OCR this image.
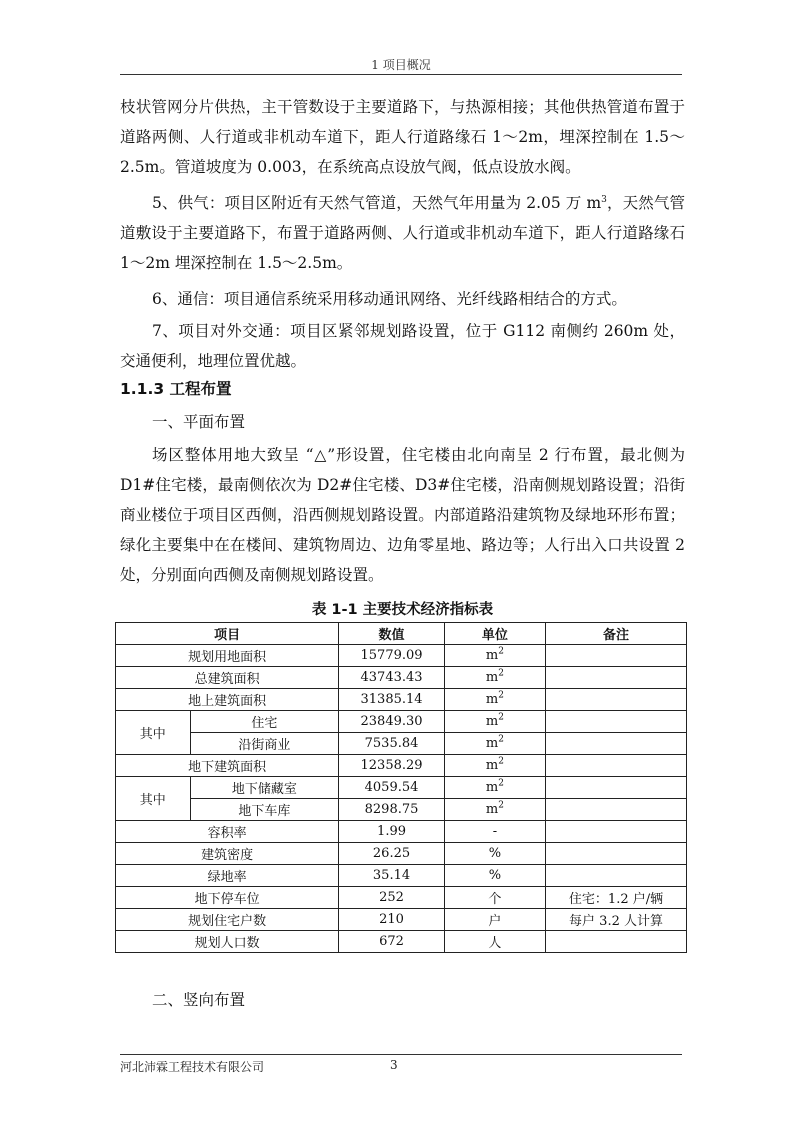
1 项目概况
枝状管网分片供热，主干管数设于主要道路下，与热源相接；其他供热管道布置于道路两侧、人行道或非机动车道下，距人行道路缘石 1～2m，埋深控制在 1.5～2.5m。管道坡度为 0.003，在系统高点设放气阀，低点设放水阀。
5、供气：项目区附近有天然气管道，天然气年用量为 2.05 万 $m^3$，天然气管道敷设于主要道路下，布置于道路两侧、人行道或非机动车道下，距人行道路缘石 1～2m 埋深控制在 1.5～2.5m。
6、通信：项目通信系统采用移动通讯网络、光纤线路相结合的方式。
7、项目对外交通：项目区紧邻规划路设置，位于 G112 南侧约 260m 处，交通便利，地理位置优越。
1.1.3 工程布置
一、平面布置
场区整体用地大致呈 “△”形设置，住宅楼由北向南呈 2 行布置，最北侧为 D1#住宅楼，最南侧依次为 D2#住宅楼、D3#住宅楼，沿南侧规划路设置；沿街商业楼位于项目区西侧，沿西侧规划路设置。内部道路沿建筑物及绿地环形布置；绿化主要集中在在楼间、建筑物周边、边角零星地、路边等；人行出入口共设置 2 处，分别面向西侧及南侧规划路设置。
表 1-1 主要技术经济指标表
项目		数值	单位	备注
规划用地面积		15779.09	$m^2$	
总建筑面积		43743.43	$m^2$	
地上建筑面积		31385.14	$m^2$	
其中	住宅	23849.30	$m^2$	
	沿街商业	7535.84	$m^2$	
地下建筑面积		12358.29	$m^2$	
其中	地下储藏室	4059.54	$m^2$	
	地下车库	8298.75	$m^2$	
容积率		1.99	-	
建筑密度		26.25	%	
绿地率		35.14	%	
地下停车位		252	个	住宅：1.2 户/辆
规划住宅户数		210	户	每户 3.2 人计算
规划人口数		672	人	
二、竖向布置
河北沛霖工程技术有限公司	3
